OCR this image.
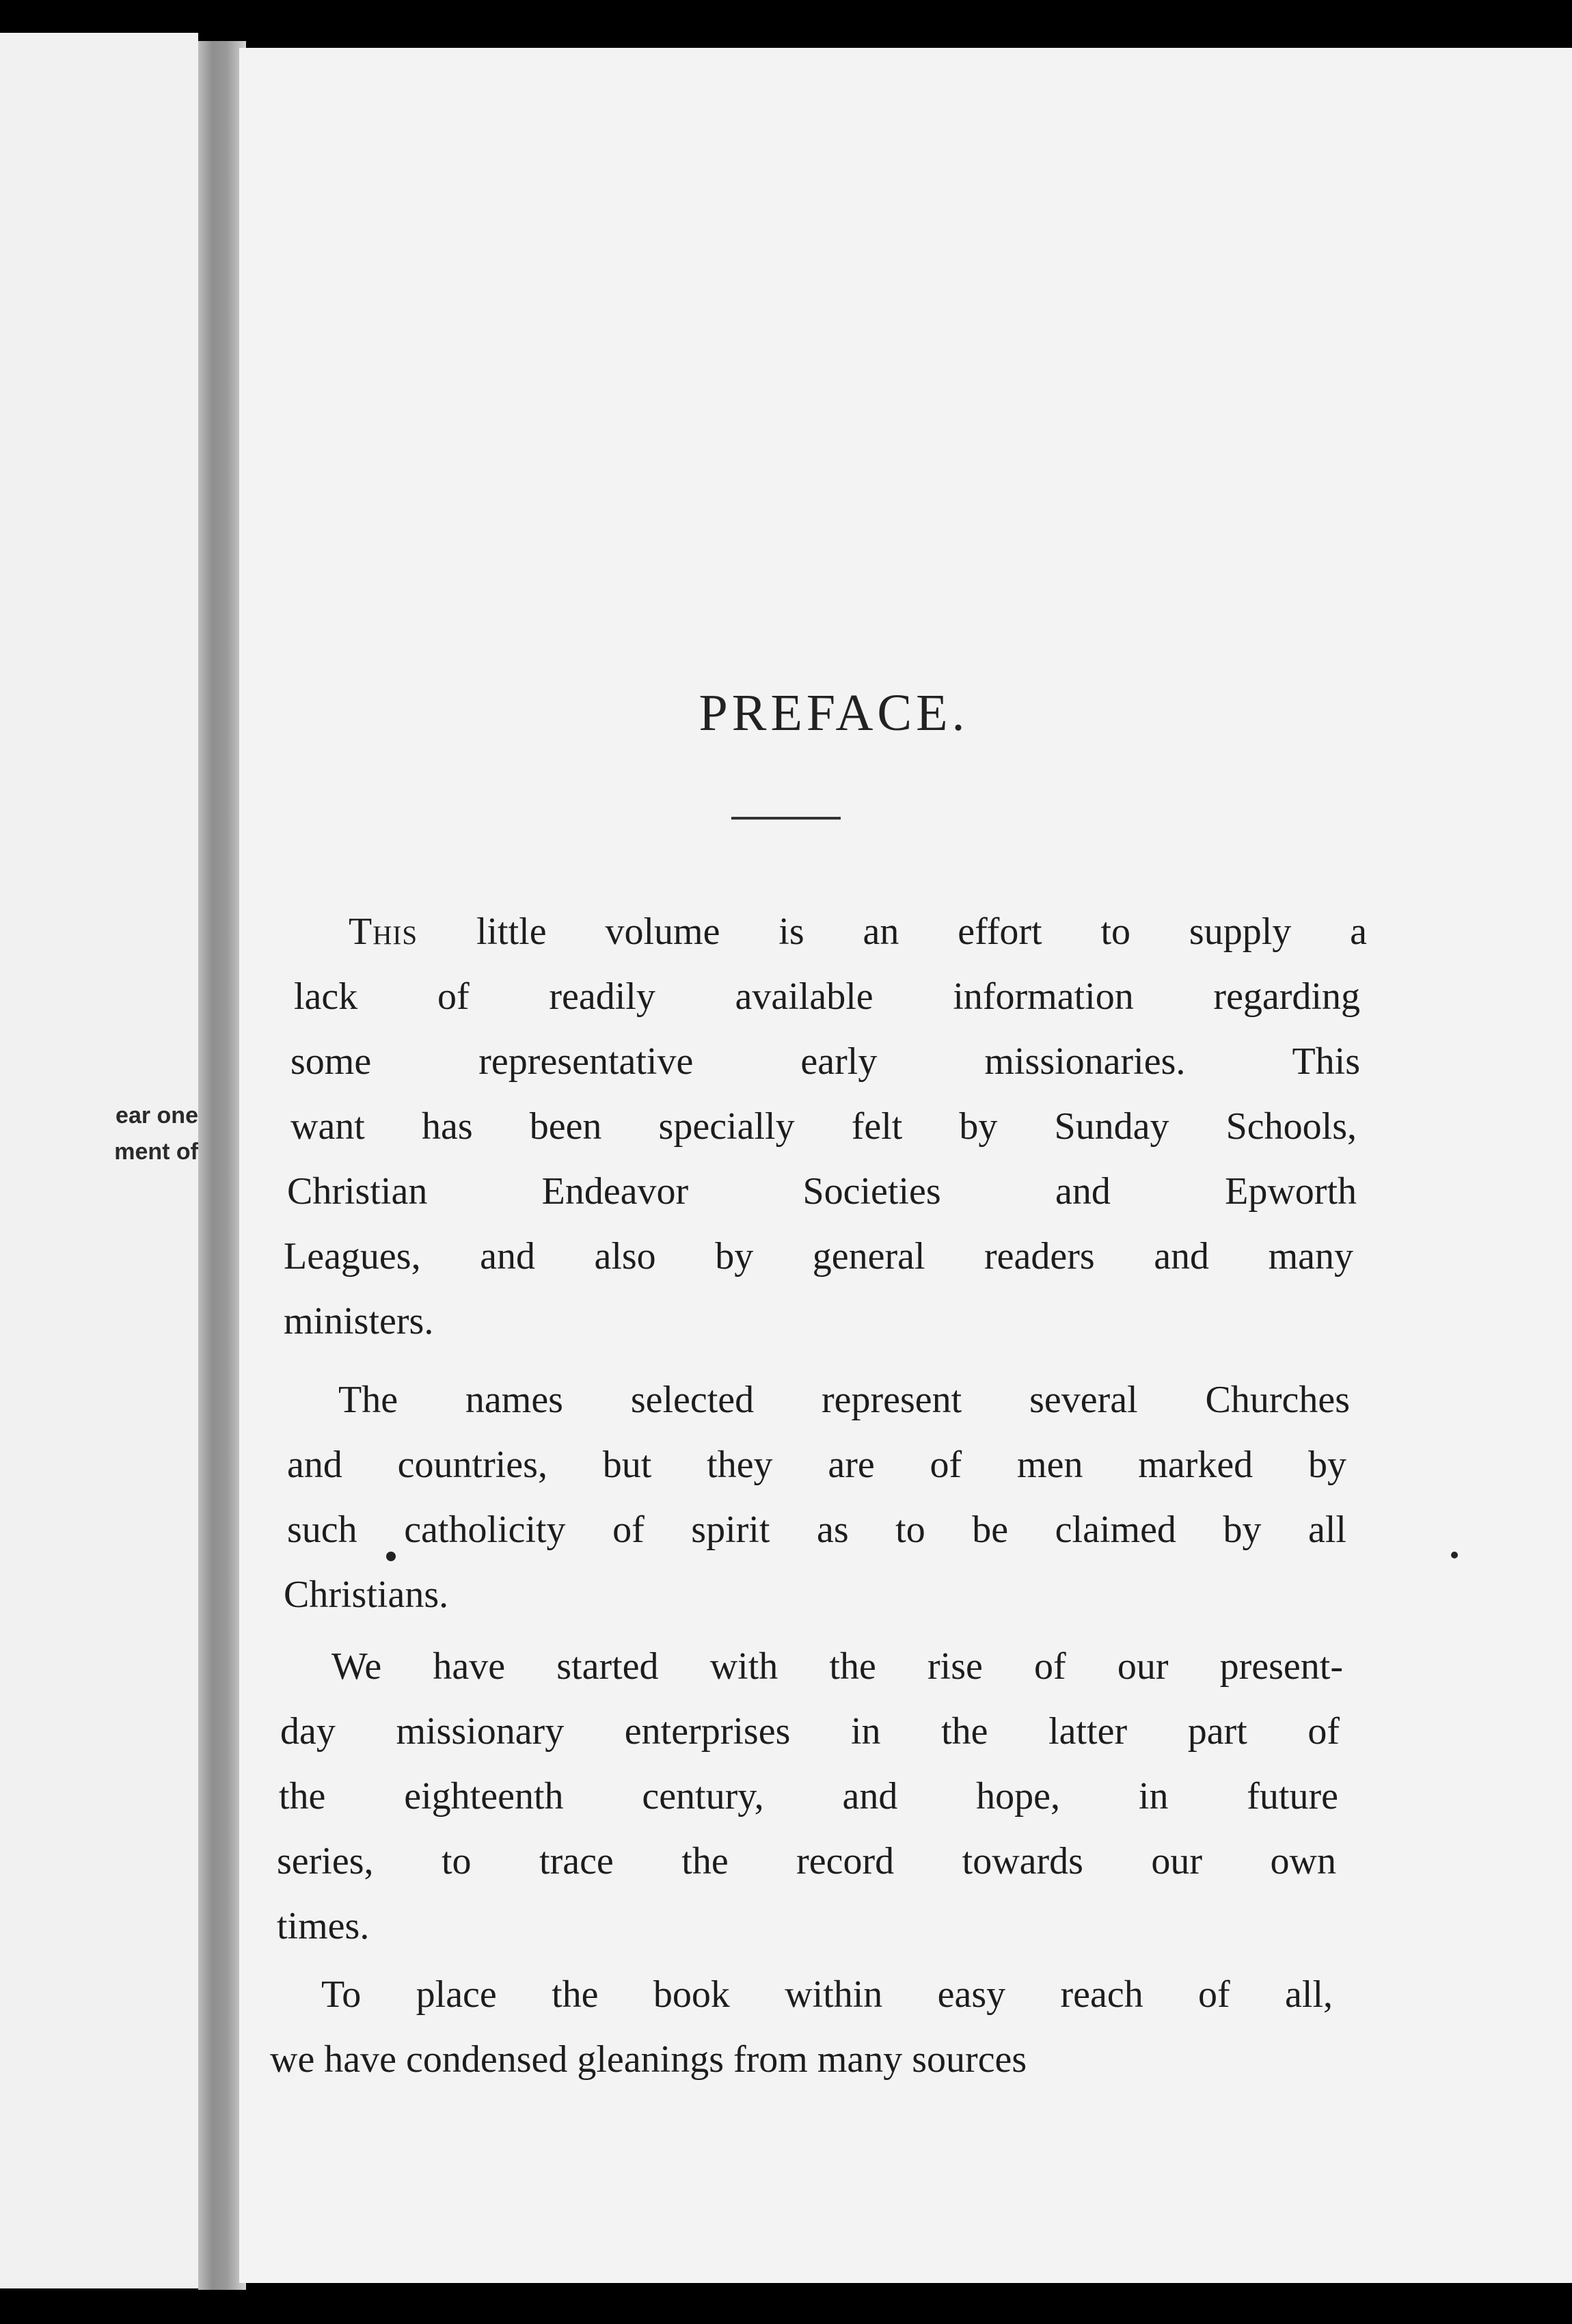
ear one
ment of
PREFACE.
This little volume is an effort to supply a
lack of readily available information regarding
some representative early missionaries. This
want has been specially felt by Sunday Schools,
Christian Endeavor Societies and Epworth
Leagues, and also by general readers and many
ministers.
The names selected represent several Churches
and countries, but they are of men marked by
such catholicity of spirit as to be claimed by all
Christians.
We have started with the rise of our present-
day missionary enterprises in the latter part of
the eighteenth century, and hope, in future
series, to trace the record towards our own
times.
To place the book within easy reach of all,
we have condensed gleanings from many sources
